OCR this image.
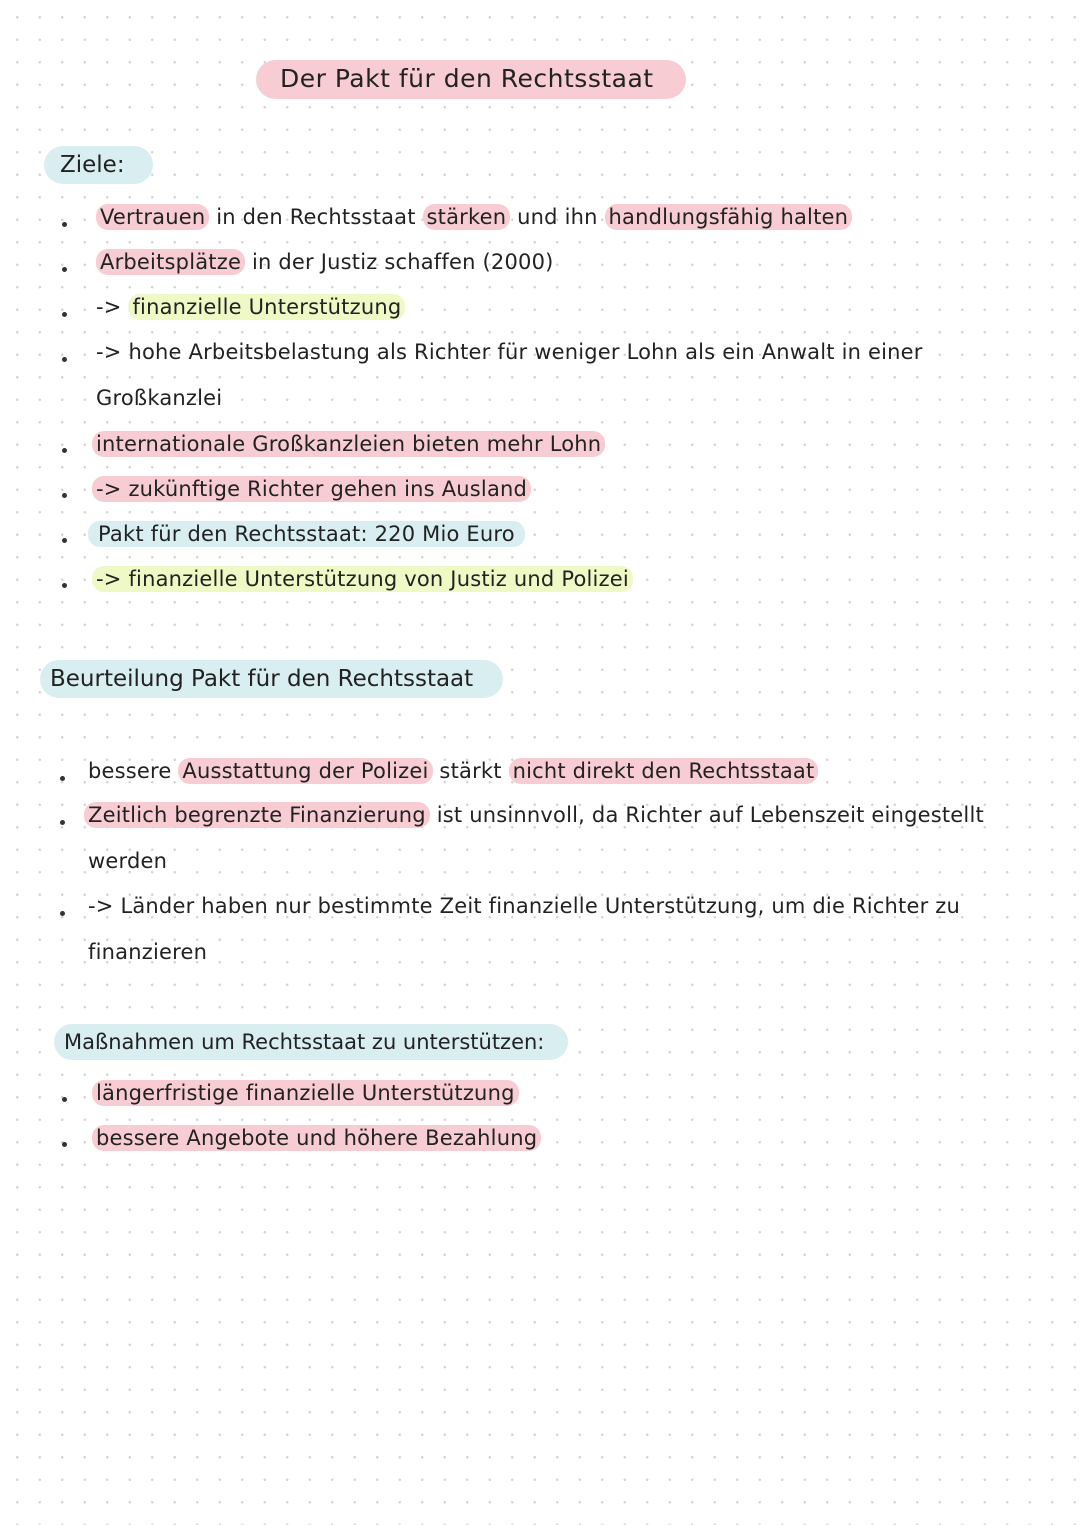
Der Pakt für den Rechtsstaat
Ziele:
Vertrauen in den Rechtsstaat stärken und ihn handlungsfähig halten
Arbeitsplätze in der Justiz schaffen (2000)
-> finanzielle Unterstützung
-> hohe Arbeitsbelastung als Richter für weniger Lohn als ein Anwalt in einer
Großkanzlei
internationale Großkanzleien bieten mehr Lohn
-> zukünftige Richter gehen ins Ausland
Pakt für den Rechtsstaat: 220 Mio Euro
-> finanzielle Unterstützung von Justiz und Polizei
Beurteilung Pakt für den Rechtsstaat
bessere Ausstattung der Polizei stärkt nicht direkt den Rechtsstaat
Zeitlich begrenzte Finanzierung ist unsinnvoll, da Richter auf Lebenszeit eingestellt
werden
-> Länder haben nur bestimmte Zeit finanzielle Unterstützung, um die Richter zu
finanzieren
Maßnahmen um Rechtsstaat zu unterstützen:
längerfristige finanzielle Unterstützung
bessere Angebote und höhere Bezahlung
